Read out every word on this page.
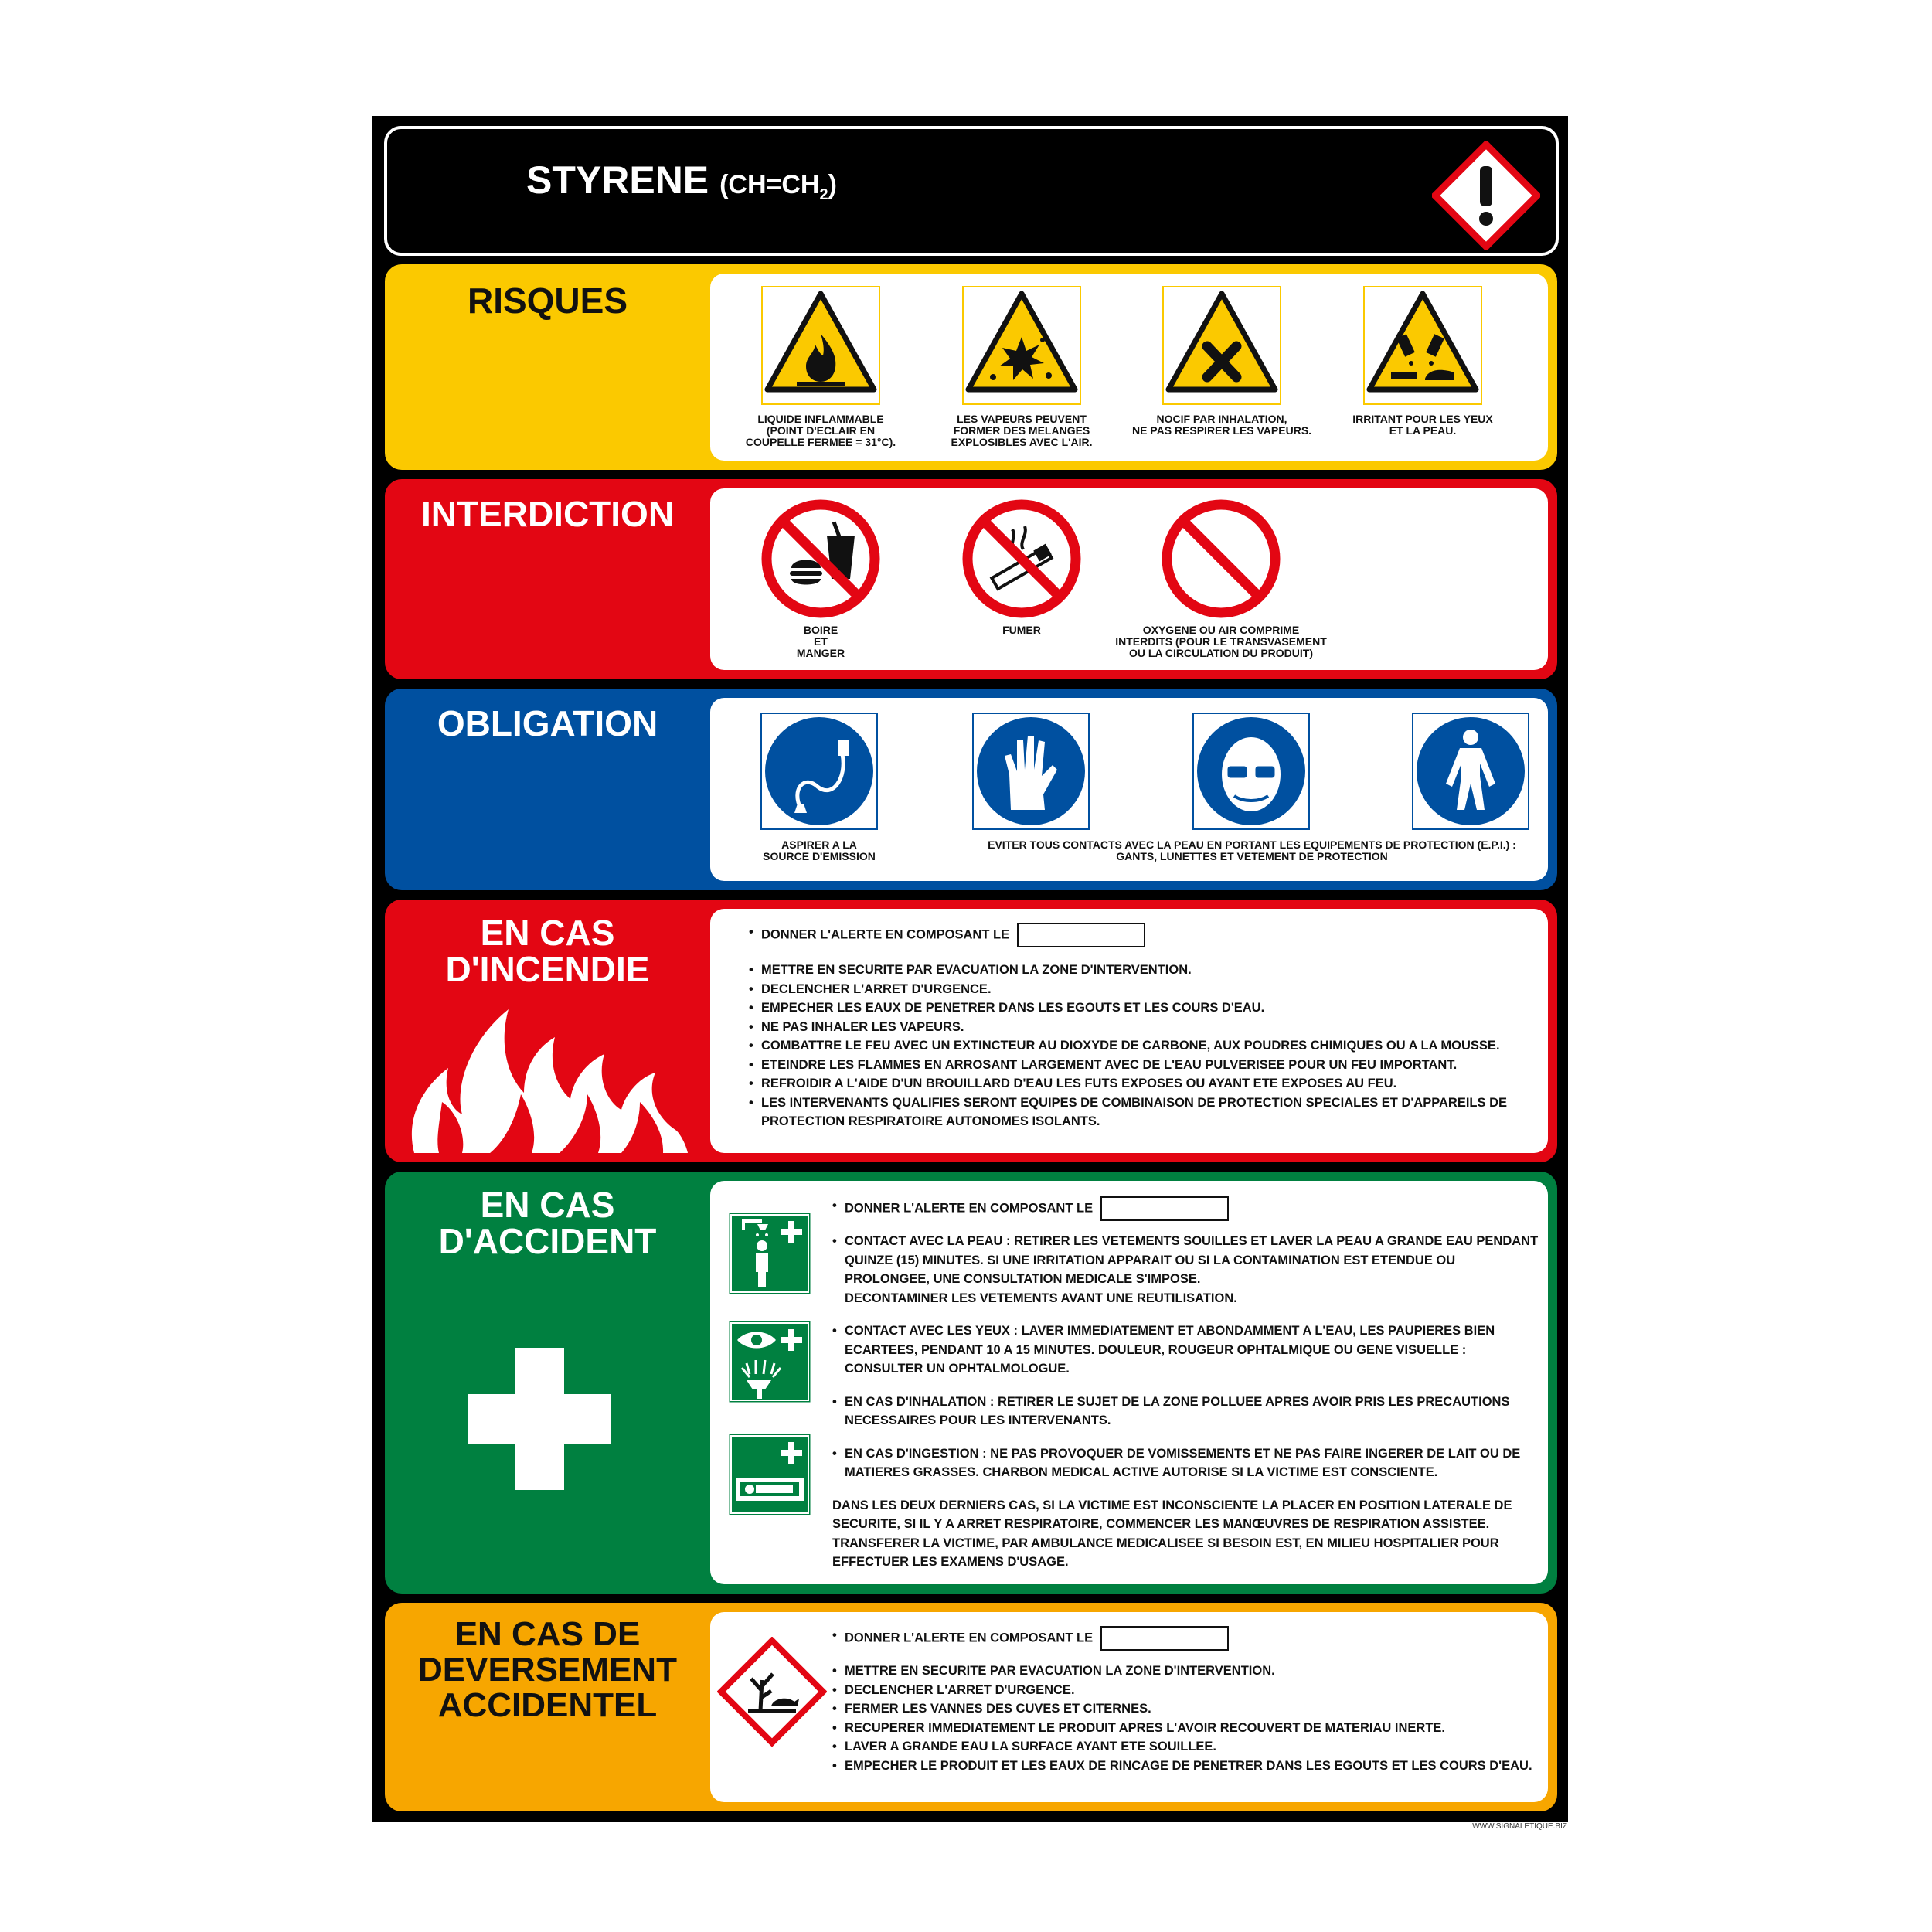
STYRENE $(CH=CH_2)$
RISQUES
INTERDICTION
OBLIGATION
EN CAS
D'INCENDIE
EN CAS
D'ACCIDENT
EN CAS DE
DEVERSEMENT
ACCIDENTEL
LIQUIDE INFLAMMABLE
(POINT D'ECLAIR EN
COUPELLE FERMEE = 31°C).
LES VAPEURS PEUVENT
FORMER DES MELANGES
EXPLOSIBLES AVEC L'AIR.
NOCIF PAR INHALATION,
NE PAS RESPIRER LES VAPEURS.
IRRITANT POUR LES YEUX
ET LA PEAU.
BOIRE
ET
MANGER
FUMER	OXYGENE OU AIR COMPRIME
INTERDITS (POUR LE TRANSVASEMENT
OU LA CIRCULATION DU PRODUIT)
ASPIRER A LA
SOURCE D'EMISSION
EVITER TOUS CONTACTS AVEC LA PEAU EN PORTANT LES EQUIPEMENTS DE PROTECTION (E.P.I.) :
GANTS, LUNETTES ET VETEMENT DE PROTECTION
• DONNER L'ALERTE EN COMPOSANT LE
• METTRE EN SECURITE PAR EVACUATION LA ZONE D'INTERVENTION.
• DECLENCHER L'ARRET D'URGENCE.
• EMPECHER LES EAUX DE PENETRER DANS LES EGOUTS ET LES COURS D'EAU.
• NE PAS INHALER LES VAPEURS.
• COMBATTRE LE FEU AVEC UN EXTINCTEUR AU DIOXYDE DE CARBONE, AUX POUDRES CHIMIQUES OU A LA MOUSSE.
• ETEINDRE LES FLAMMES EN ARROSANT LARGEMENT AVEC DE L'EAU PULVERISEE POUR UN FEU IMPORTANT.
• REFROIDIR A L'AIDE D'UN BROUILLARD D'EAU LES FUTS EXPOSES OU AYANT ETE EXPOSES AU FEU.
• LES INTERVENANTS QUALIFIES SERONT EQUIPES DE COMBINAISON DE PROTECTION SPECIALES ET D'APPAREILS DE PROTECTION RESPIRATOIRE AUTONOMES ISOLANTS.
• DONNER L'ALERTE EN COMPOSANT LE
• CONTACT AVEC LA PEAU : RETIRER LES VETEMENTS SOUILLES ET LAVER LA PEAU A GRANDE EAU PENDANT QUINZE (15) MINUTES. SI UNE IRRITATION APPARAIT OU SI LA CONTAMINATION EST ETENDUE OU PROLONGEE, UNE CONSULTATION MEDICALE S'IMPOSE.
DECONTAMINER LES VETEMENTS AVANT UNE REUTILISATION.
• CONTACT AVEC LES YEUX : LAVER IMMEDIATEMENT ET ABONDAMMENT A L'EAU, LES PAUPIERES BIEN ECARTEES, PENDANT 10 A 15 MINUTES. DOULEUR, ROUGEUR OPHTALMIQUE OU GENE VISUELLE : CONSULTER UN OPHTALMOLOGUE.
• EN CAS D'INHALATION : RETIRER LE SUJET DE LA ZONE POLLUEE APRES AVOIR PRIS LES PRECAUTIONS NECESSAIRES POUR LES INTERVENANTS.
• EN CAS D'INGESTION : NE PAS PROVOQUER DE VOMISSEMENTS ET NE PAS FAIRE INGERER DE LAIT OU DE MATIERES GRASSES. CHARBON MEDICAL ACTIVE AUTORISE SI LA VICTIME EST CONSCIENTE.
DANS LES DEUX DERNIERS CAS, SI LA VICTIME EST INCONSCIENTE LA PLACER EN POSITION LATERALE DE SECURITE, SI IL Y A ARRET RESPIRATOIRE, COMMENCER LES MANŒUVRES DE RESPIRATION ASSISTEE. TRANSFERER LA VICTIME, PAR AMBULANCE MEDICALISEE SI BESOIN EST, EN MILIEU HOSPITALIER POUR EFFECTUER LES EXAMENS D'USAGE.
• DONNER L'ALERTE EN COMPOSANT LE
• METTRE EN SECURITE PAR EVACUATION LA ZONE D'INTERVENTION.
• DECLENCHER L'ARRET D'URGENCE.
• FERMER LES VANNES DES CUVES ET CITERNES.
• RECUPERER IMMEDIATEMENT LE PRODUIT APRES L'AVOIR RECOUVERT DE MATERIAU INERTE.
• LAVER A GRANDE EAU LA SURFACE AYANT ETE SOUILLEE.
• EMPECHER LE PRODUIT ET LES EAUX DE RINCAGE DE PENETRER DANS LES EGOUTS ET LES COURS D'EAU.
WWW.SIGNALETIQUE.BIZ
